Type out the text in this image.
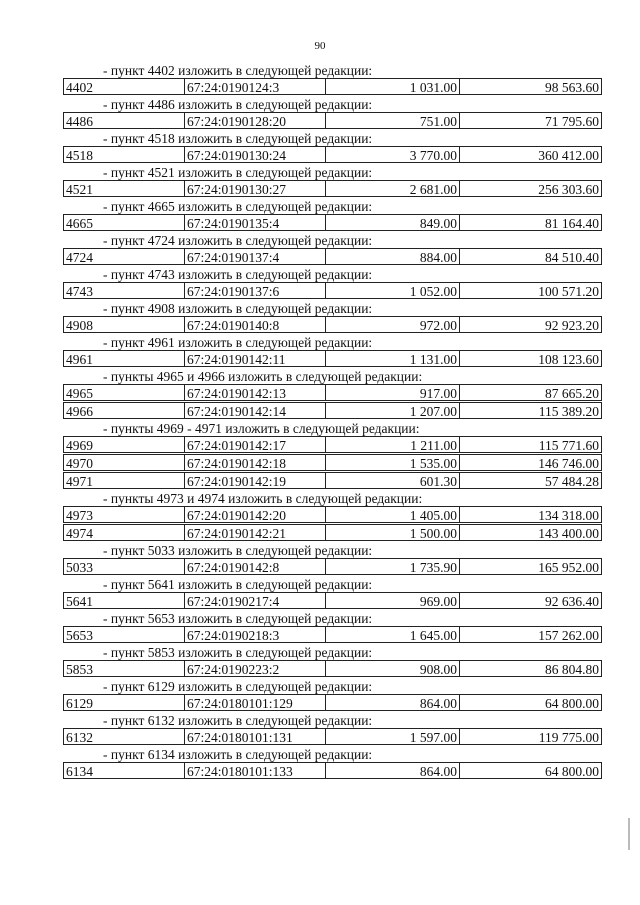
90
- пункт 4402 изложить в следующей редакции:
4402	67:24:0190124:3	1 031.00	98 563.60
- пункт 4486 изложить в следующей редакции:
4486	67:24:0190128:20	751.00	71 795.60
- пункт 4518 изложить в следующей редакции:
4518	67:24:0190130:24	3 770.00	360 412.00
- пункт 4521 изложить в следующей редакции:
4521	67:24:0190130:27	2 681.00	256 303.60
- пункт 4665 изложить в следующей редакции:
4665	67:24:0190135:4	849.00	81 164.40
- пункт 4724 изложить в следующей редакции:
4724	67:24:0190137:4	884.00	84 510.40
- пункт 4743 изложить в следующей редакции:
4743	67:24:0190137:6	1 052.00	100 571.20
- пункт 4908 изложить в следующей редакции:
4908	67:24:0190140:8	972.00	92 923.20
- пункт 4961 изложить в следующей редакции:
4961	67:24:0190142:11	1 131.00	108 123.60
- пункты 4965 и 4966 изложить в следующей редакции:
4965	67:24:0190142:13	917.00	87 665.20
4966	67:24:0190142:14	1 207.00	115 389.20
- пункты 4969 - 4971 изложить в следующей редакции:
4969	67:24:0190142:17	1 211.00	115 771.60
4970	67:24:0190142:18	1 535.00	146 746.00
4971	67:24:0190142:19	601.30	57 484.28
- пункты 4973 и 4974 изложить в следующей редакции:
4973	67:24:0190142:20	1 405.00	134 318.00
4974	67:24:0190142:21	1 500.00	143 400.00
- пункт 5033 изложить в следующей редакции:
5033	67:24:0190142:8	1 735.90	165 952.00
- пункт 5641 изложить в следующей редакции:
5641	67:24:0190217:4	969.00	92 636.40
- пункт 5653 изложить в следующей редакции:
5653	67:24:0190218:3	1 645.00	157 262.00
- пункт 5853 изложить в следующей редакции:
5853	67:24:0190223:2	908.00	86 804.80
- пункт 6129 изложить в следующей редакции:
6129	67:24:0180101:129	864.00	64 800.00
- пункт 6132 изложить в следующей редакции:
6132	67:24:0180101:131	1 597.00	119 775.00
- пункт 6134 изложить в следующей редакции:
6134	67:24:0180101:133	864.00	64 800.00
